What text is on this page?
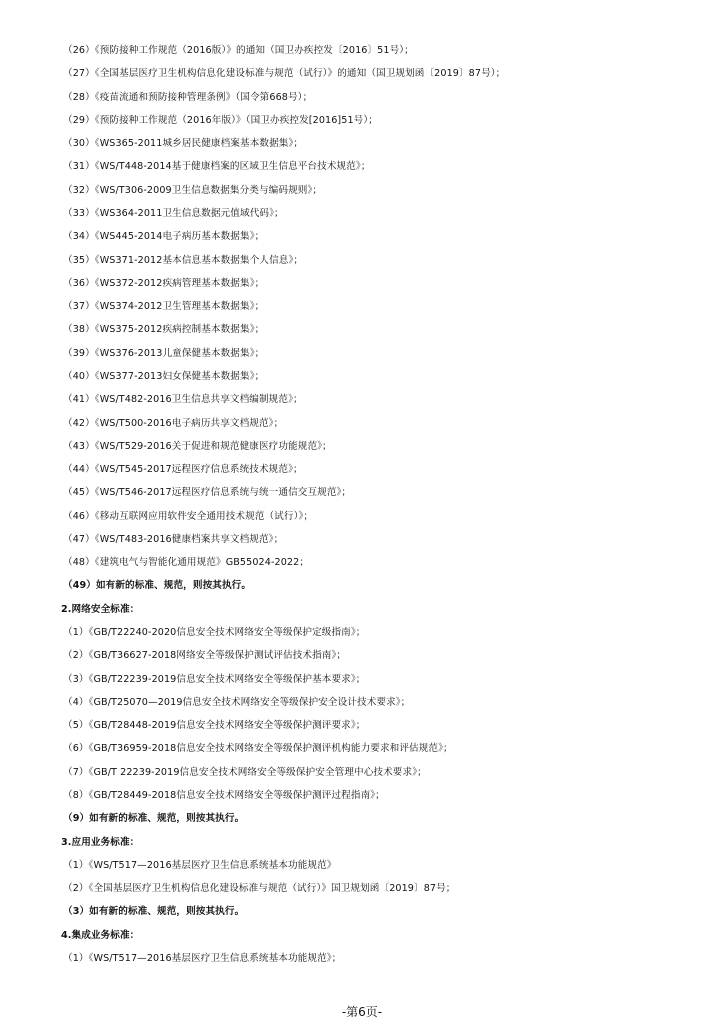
（26）《预防接种工作规范（2016版）》的通知（国卫办疾控发〔2016〕51号）；
（27）《全国基层医疗卫生机构信息化建设标准与规范（试行）》的通知（国卫规划函〔2019〕87号）；
（28）《疫苗流通和预防接种管理条例》（国令第668号）；
（29）《预防接种工作规范（2016年版）》（国卫办疾控发[2016]51号）；
（30）《WS365-2011城乡居民健康档案基本数据集》；
（31）《WS/T448-2014基于健康档案的区域卫生信息平台技术规范》；
（32）《WS/T306-2009卫生信息数据集分类与编码规则》；
（33）《WS364-2011卫生信息数据元值域代码》；
（34）《WS445-2014电子病历基本数据集》；
（35）《WS371-2012基本信息基本数据集个人信息》；
（36）《WS372-2012疾病管理基本数据集》；
（37）《WS374-2012卫生管理基本数据集》；
（38）《WS375-2012疾病控制基本数据集》；
（39）《WS376-2013儿童保健基本数据集》；
（40）《WS377-2013妇女保健基本数据集》；
（41）《WS/T482-2016卫生信息共享文档编制规范》；
（42）《WS/T500-2016电子病历共享文档规范》；
（43）《WS/T529-2016关于促进和规范健康医疗功能规范》；
（44）《WS/T545-2017远程医疗信息系统技术规范》；
（45）《WS/T546-2017远程医疗信息系统与统一通信交互规范》；
（46）《移动互联网应用软件安全通用技术规范（试行）》；
（47）《WS/T483-2016健康档案共享文档规范》；
（48）《建筑电气与智能化通用规范》GB55024-2022；
（49）如有新的标准、规范，则按其执行。
2.网络安全标准：
（1）《GB/T22240-2020信息安全技术网络安全等级保护定级指南》；
（2）《GB/T36627-2018网络安全等级保护测试评估技术指南》；
（3）《GB/T22239-2019信息安全技术网络安全等级保护基本要求》；
（4）《GB/T25070—2019信息安全技术网络安全等级保护安全设计技术要求》；
（5）《GB/T28448-2019信息安全技术网络安全等级保护测评要求》；
（6）《GB/T36959-2018信息安全技术网络安全等级保护测评机构能力要求和评估规范》；
（7）《GB/T 22239-2019信息安全技术网络安全等级保护安全管理中心技术要求》；
（8）《GB/T28449-2018信息安全技术网络安全等级保护测评过程指南》；
（9）如有新的标准、规范，则按其执行。
3.应用业务标准：
（1）《WS/T517—2016基层医疗卫生信息系统基本功能规范》
（2）《全国基层医疗卫生机构信息化建设标准与规范（试行）》国卫规划函〔2019〕87号；
（3）如有新的标准、规范，则按其执行。
4.集成业务标准：
（1）《WS/T517—2016基层医疗卫生信息系统基本功能规范》；
-第6页-
